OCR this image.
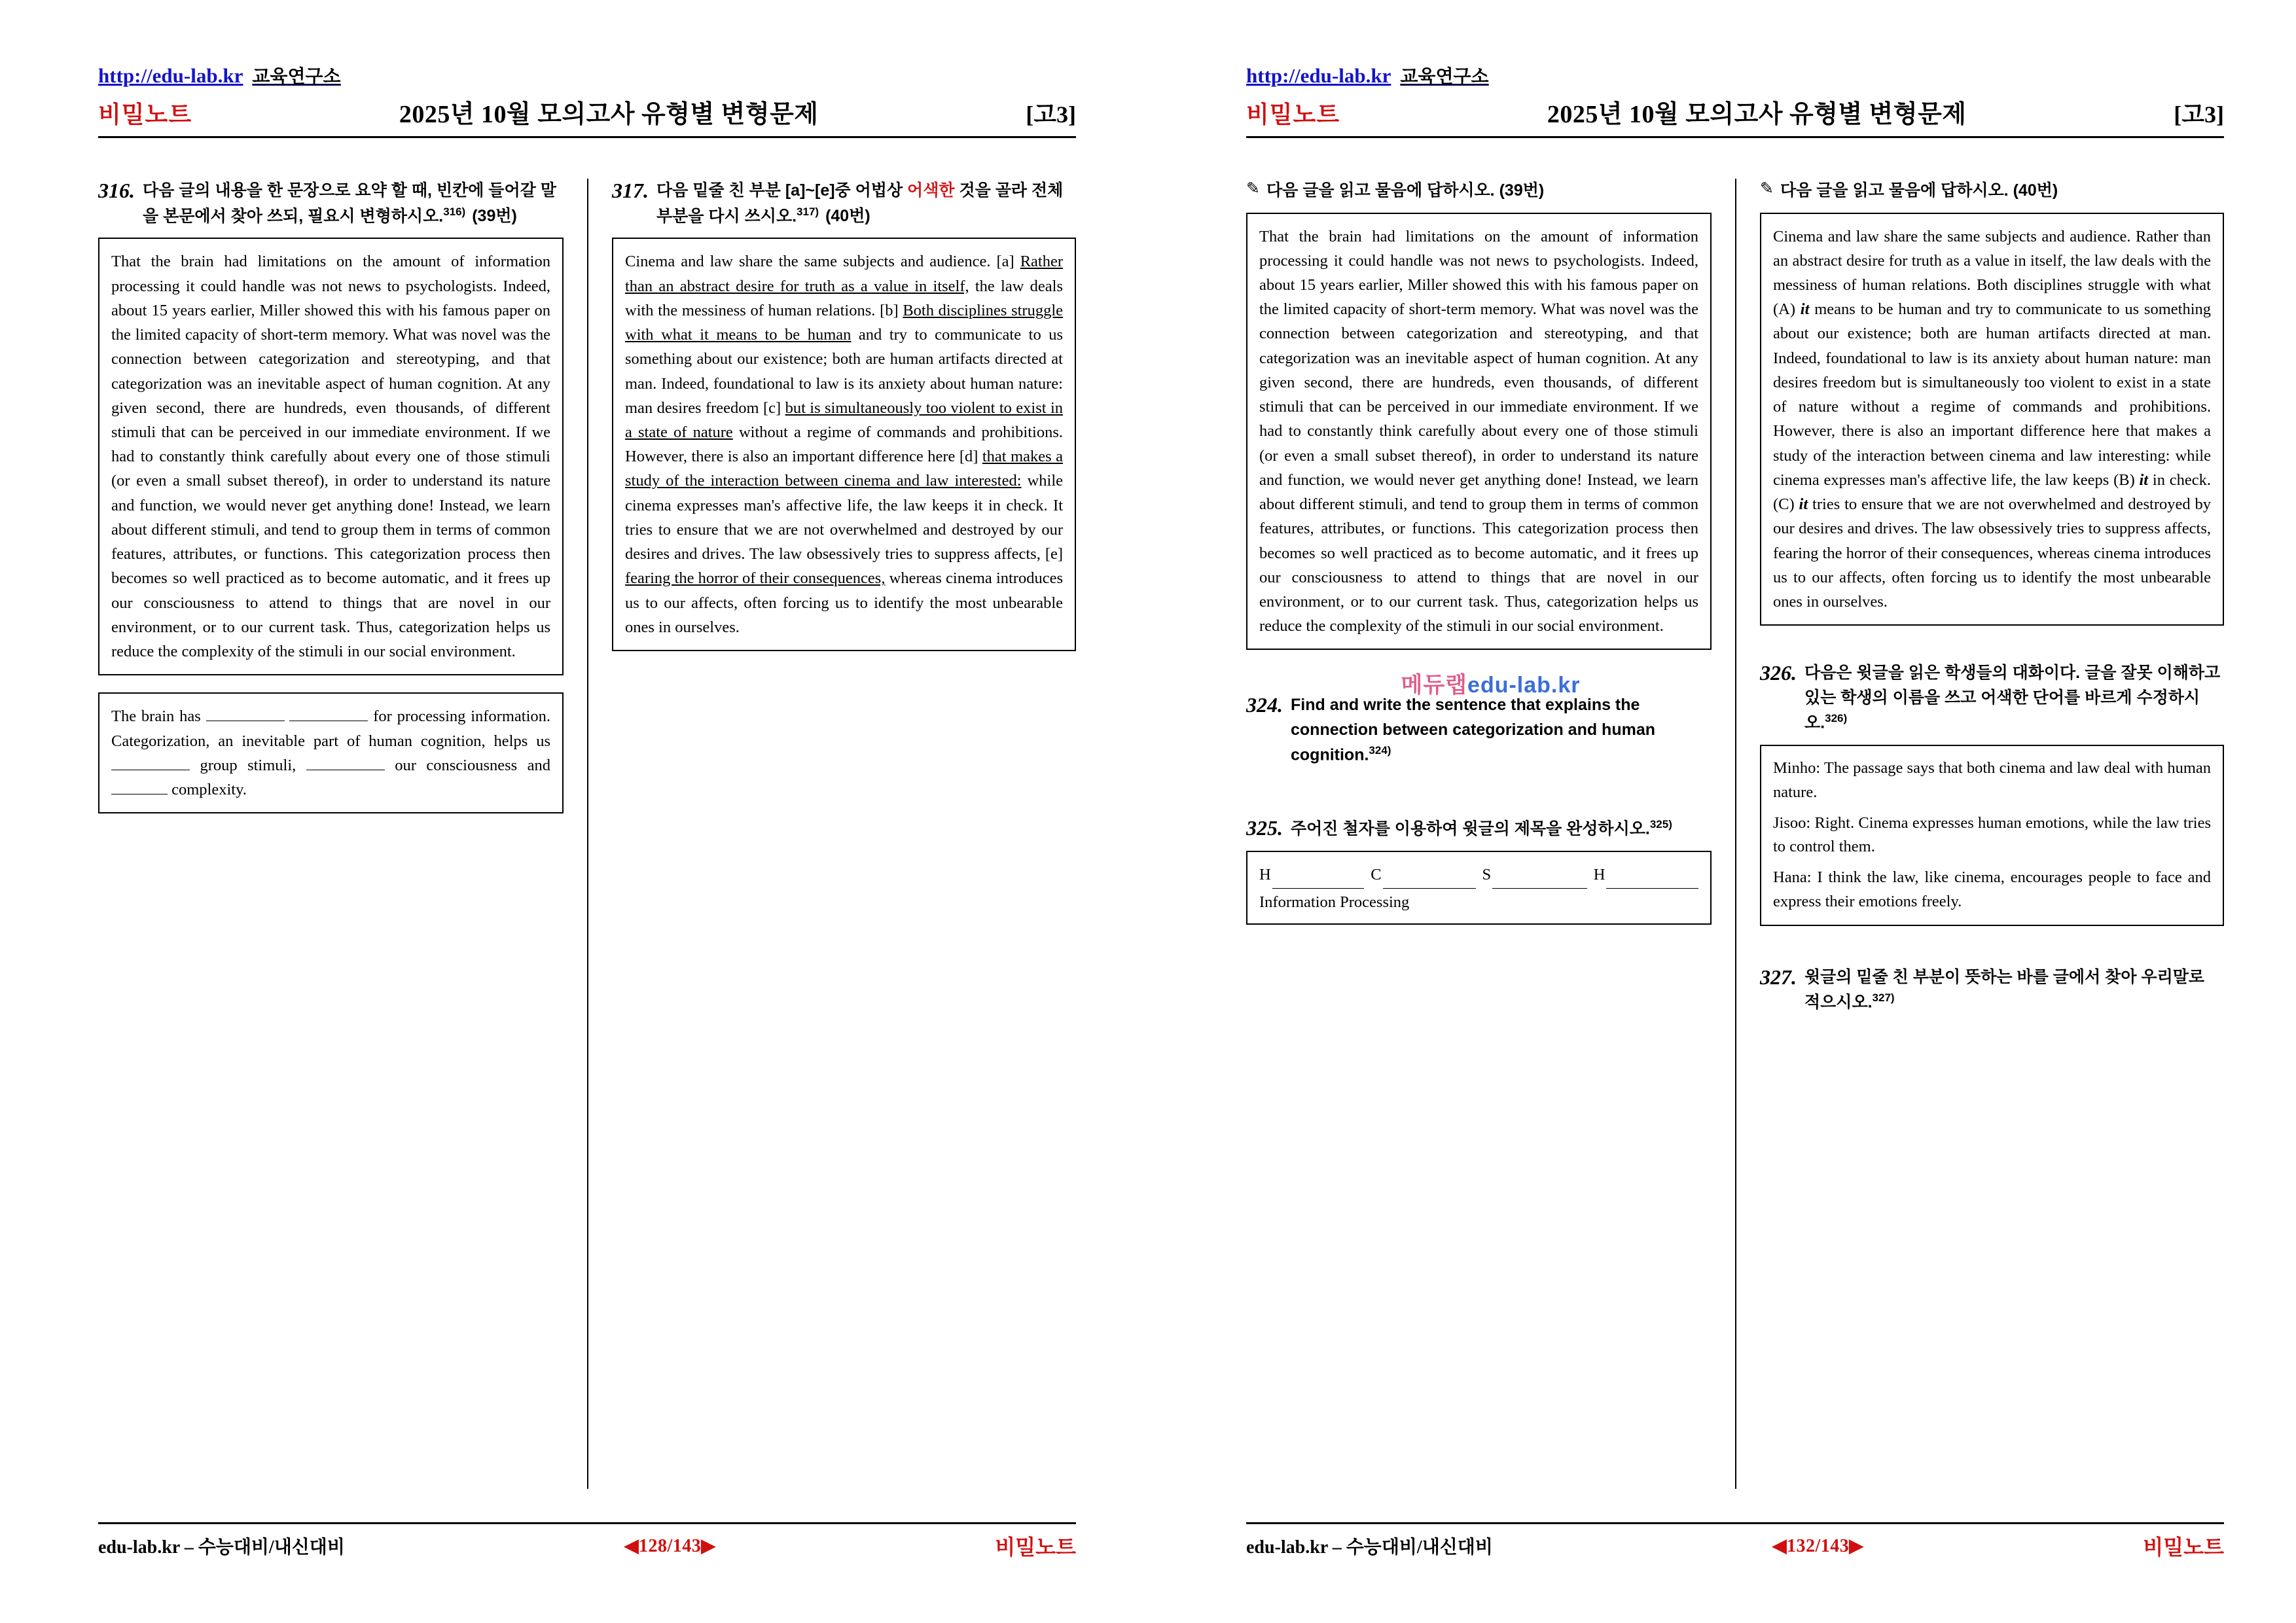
http://edu-lab.kr 교육연구소
비밀노트	2025년 10월 모의고사 유형별 변형문제	[고3]
316. 다음 글의 내용을 한 문장으로 요약 할 때, 빈칸에 들어갈 말을 본문에서 찾아 쓰되, 필요시 변형하시오.$^{316)}$ (39번)

That the brain had limitations on the amount of information processing it could handle was not news to psychologists. Indeed, about 15 years earlier, Miller showed this with his famous paper on the limited capacity of short-term memory. What was novel was the connection between categorization and stereotyping, and that categorization was an inevitable aspect of human cognition. At any given second, there are hundreds, even thousands, of different stimuli that can be perceived in our immediate environment. If we had to constantly think carefully about every one of those stimuli (or even a small subset thereof), in order to understand its nature and function, we would never get anything done! Instead, we learn about different stimuli, and tend to group them in terms of common features, attributes, or functions. This categorization process then becomes so well practiced as to become automatic, and it frees up our consciousness to attend to things that are novel in our environment, or to our current task. Thus, categorization helps us reduce the complexity of the stimuli in our social environment.

The brain has	for processing information. Categorization, an inevitable part of human cognition, helps us  group stimuli,	our consciousness and  complexity.

317. 다음 밑줄 친 부분 [a]~[e]중 어법상 어색한 것을 골라 전체 부분을 다시 쓰시오.$^{317)}$ (40번)

Cinema and law share the same subjects and audience. [a] Rather than an abstract desire for truth as a value in itself, the law deals with the messiness of human relations. [b] Both disciplines struggle with what it means to be human and try to communicate to us something about our existence; both are human artifacts directed at man. Indeed, foundational to law is its anxiety about human nature: man desires freedom [c] but is simultaneously too violent to exist in a state of nature without a regime of commands and prohibitions. However, there is also an important difference here [d] that makes a study of the interaction between cinema and law interested: while cinema expresses man's affective life, the law keeps it in check. It tries to ensure that we are not overwhelmed and destroyed by our desires and drives. The law obsessively tries to suppress affects, [e] fearing the horror of their consequences, whereas cinema introduces us to our affects, often forcing us to identify the most unbearable ones in ourselves.

edu-lab.kr – 수능대비/내신대비	◀128/143▶	비밀노트
http://edu-lab.kr 교육연구소
비밀노트	2025년 10월 모의고사 유형별 변형문제	[고3]
✎ 다음 글을 읽고 물음에 답하시오. (39번)

That the brain had limitations on the amount of information processing it could handle was not news to psychologists. Indeed, about 15 years earlier, Miller showed this with his famous paper on the limited capacity of short-term memory. What was novel was the connection between categorization and stereotyping, and that categorization was an inevitable aspect of human cognition. At any given second, there are hundreds, even thousands, of different stimuli that can be perceived in our immediate environment. If we had to constantly think carefully about every one of those stimuli (or even a small subset thereof), in order to understand its nature and function, we would never get anything done! Instead, we learn about different stimuli, and tend to group them in terms of common features, attributes, or functions. This categorization process then becomes so well practiced as to become automatic, and it frees up our consciousness to attend to things that are novel in our environment, or to our current task. Thus, categorization helps us reduce the complexity of the stimuli in our social environment.

메듀랩edu-lab.kr
324. Find and write the sentence that explains the connection between categorization and human cognition.$^{324)}$
325. 주어진 철자를 이용하여 윗글의 제목을 완성하시오.$^{325)}$
H	C	S	H
Information Processing
✎ 다음 글을 읽고 물음에 답하시오. (40번)

Cinema and law share the same subjects and audience. Rather than an abstract desire for truth as a value in itself, the law deals with the messiness of human relations. Both disciplines struggle with what (A) it means to be human and try to communicate to us something about our existence; both are human artifacts directed at man. Indeed, foundational to law is its anxiety about human nature: man desires freedom but is simultaneously too violent to exist in a state of nature without a regime of commands and prohibitions. However, there is also an important difference here that makes a study of the interaction between cinema and law interesting: while cinema expresses man's affective life, the law keeps (B) it in check. (C) it tries to ensure that we are not overwhelmed and destroyed by our desires and drives. The law obsessively tries to suppress affects, fearing the horror of their consequences, whereas cinema introduces us to our affects, often forcing us to identify the most unbearable ones in ourselves.

326. 다음은 윗글을 읽은 학생들의 대화이다. 글을 잘못 이해하고 있는 학생의 이름을 쓰고 어색한 단어를 바르게 수정하시오.$^{326)}$
Minho: The passage says that both cinema and law deal with human nature.
Jisoo: Right. Cinema expresses human emotions, while the law tries to control them.
Hana: I think the law, like cinema, encourages people to face and express their emotions freely.
327. 윗글의 밑줄 친 부분이 뜻하는 바를 글에서 찾아 우리말로 적으시오.$^{327)}$
edu-lab.kr – 수능대비/내신대비	◀132/143▶	비밀노트
